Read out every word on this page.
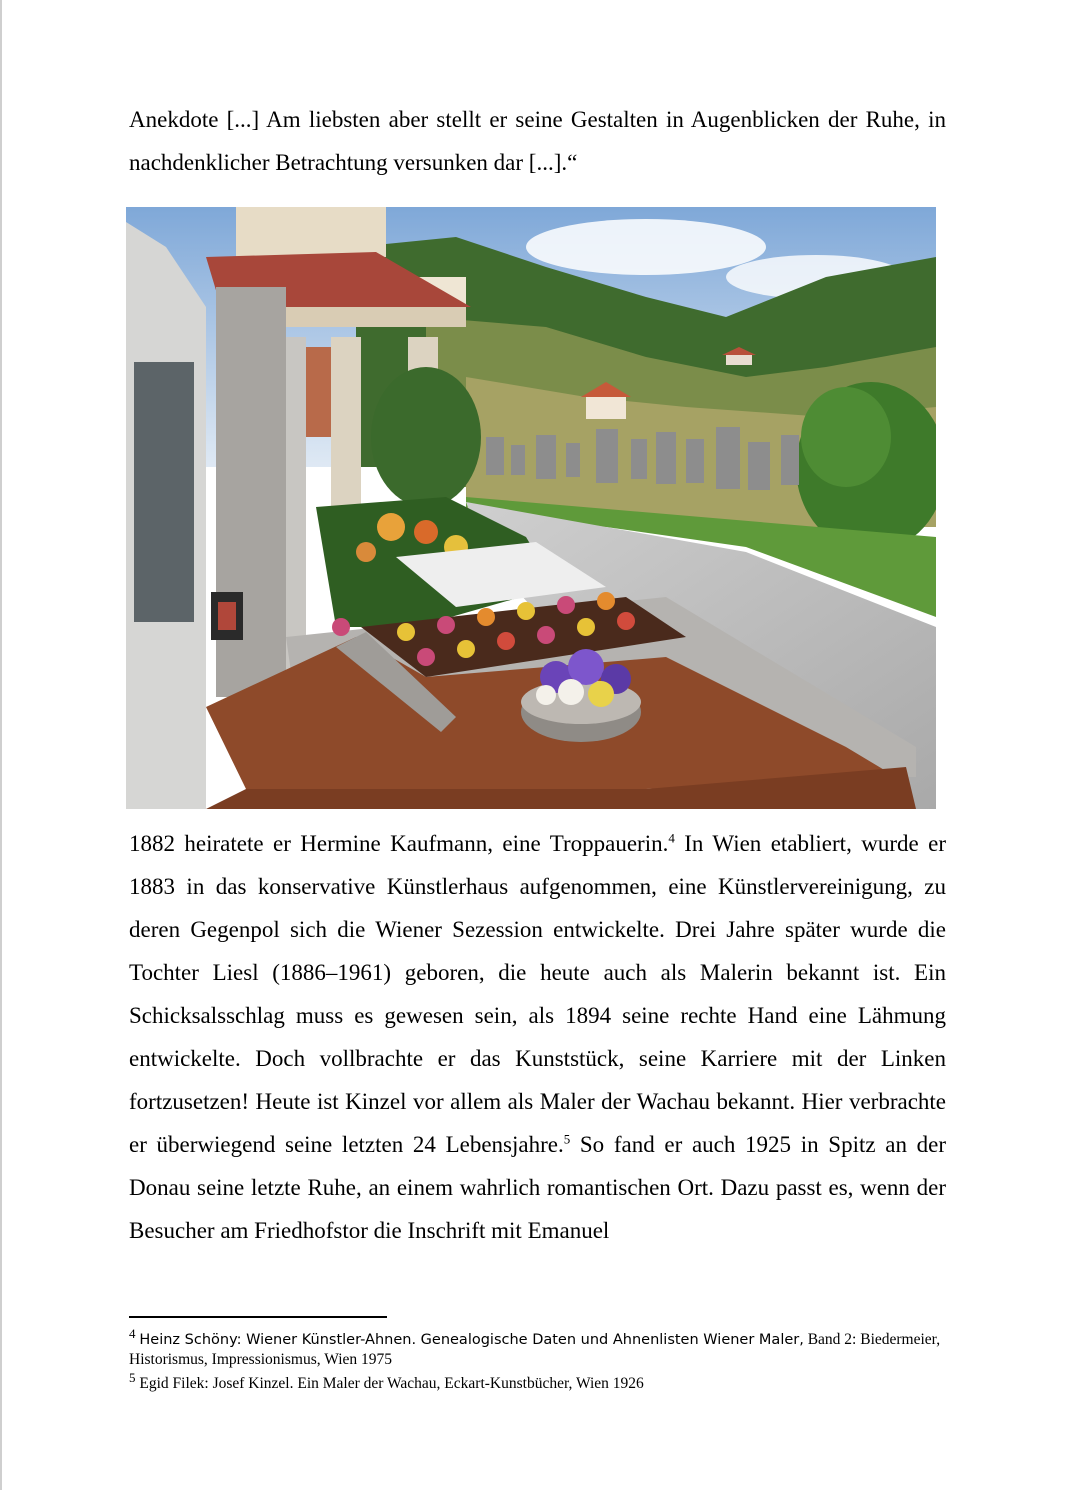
Anekdote [...] Am liebsten aber stellt er seine Gestalten in Augenblicken der Ruhe, in nachdenklicher Betrachtung versunken dar [...].“

1882 heiratete er Hermine Kaufmann, eine Troppauerin.$^4$ In Wien etabliert, wurde er 1883 in das konservative Künstlerhaus aufgenommen, eine Künstlervereinigung, zu deren Gegenpol sich die Wiener Sezession entwickelte. Drei Jahre später wurde die Tochter Liesl (1886–1961) geboren, die heute auch als Malerin bekannt ist. Ein Schicksalsschlag muss es gewesen sein, als 1894 seine rechte Hand eine Lähmung entwickelte. Doch vollbrachte er das Kunststück, seine Karriere mit der Linken fortzusetzen! Heute ist Kinzel vor allem als Maler der Wachau bekannt. Hier verbrachte er überwiegend seine letzten 24 Lebensjahre.$^5$ So fand er auch 1925 in Spitz an der Donau seine letzte Ruhe, an einem wahrlich romantischen Ort. Dazu passt es, wenn der Besucher am Friedhofstor die Inschrift mit Emanuel

$^4$ Heinz Schöny: Wiener Künstler-Ahnen. Genealogische Daten und Ahnenlisten Wiener Maler, Band 2: Biedermeier, Historismus, Impressionismus, Wien 1975

$^5$ Egid Filek: Josef Kinzel. Ein Maler der Wachau, Eckart-Kunstbücher, Wien 1926
